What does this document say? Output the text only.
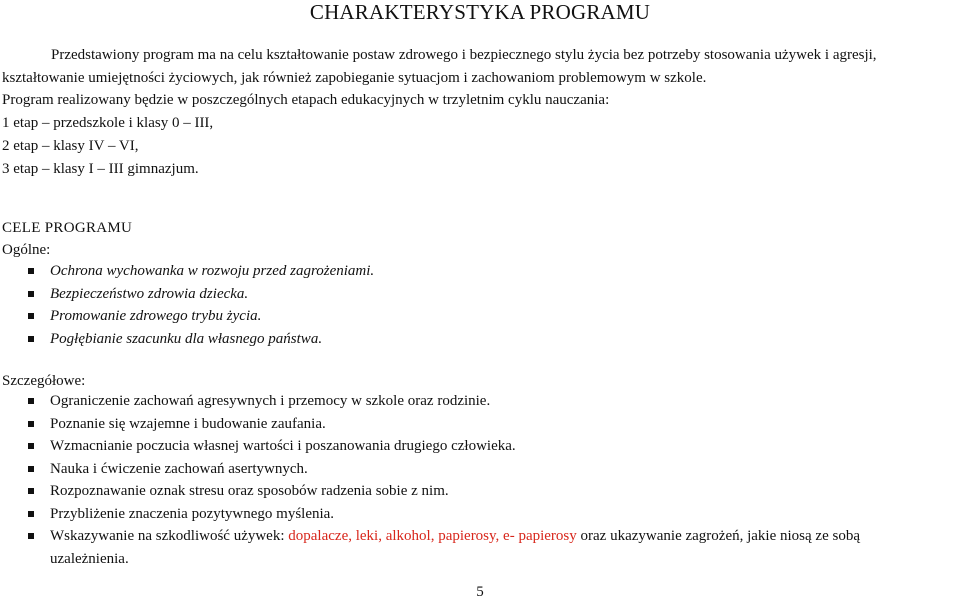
CHARAKTERYSTYKA PROGRAMU

Przedstawiony program ma na celu kształtowanie postaw zdrowego i bezpiecznego stylu życia bez potrzeby stosowania używek i agresji,

kształtowanie umiejętności życiowych, jak również zapobieganie sytuacjom i zachowaniom problemowym w szkole.

Program realizowany będzie w poszczególnych etapach edukacyjnych w trzyletnim cyklu nauczania:

1 etap – przedszkole i klasy 0 – III,

2 etap – klasy IV – VI,

3 etap – klasy I – III gimnazjum.

CELE PROGRAMU
Ogólne:
Ochrona wychowanka w rozwoju przed zagrożeniami.
Bezpieczeństwo zdrowia dziecka.
Promowanie zdrowego trybu życia.
Pogłębianie szacunku dla własnego państwa.
Szczegółowe:
Ograniczenie zachowań agresywnych i przemocy w szkole oraz rodzinie.
Poznanie się wzajemne i budowanie zaufania.
Wzmacnianie poczucia własnej wartości i poszanowania drugiego człowieka.
Nauka i ćwiczenie zachowań asertywnych.
Rozpoznawanie oznak stresu oraz sposobów radzenia sobie z nim.
Przybliżenie znaczenia pozytywnego myślenia.
Wskazywanie na szkodliwość używek: dopalacze, leki, alkohol, papierosy, e- papierosy oraz ukazywanie zagrożeń, jakie niosą ze sobą
uzależnienia.
5
